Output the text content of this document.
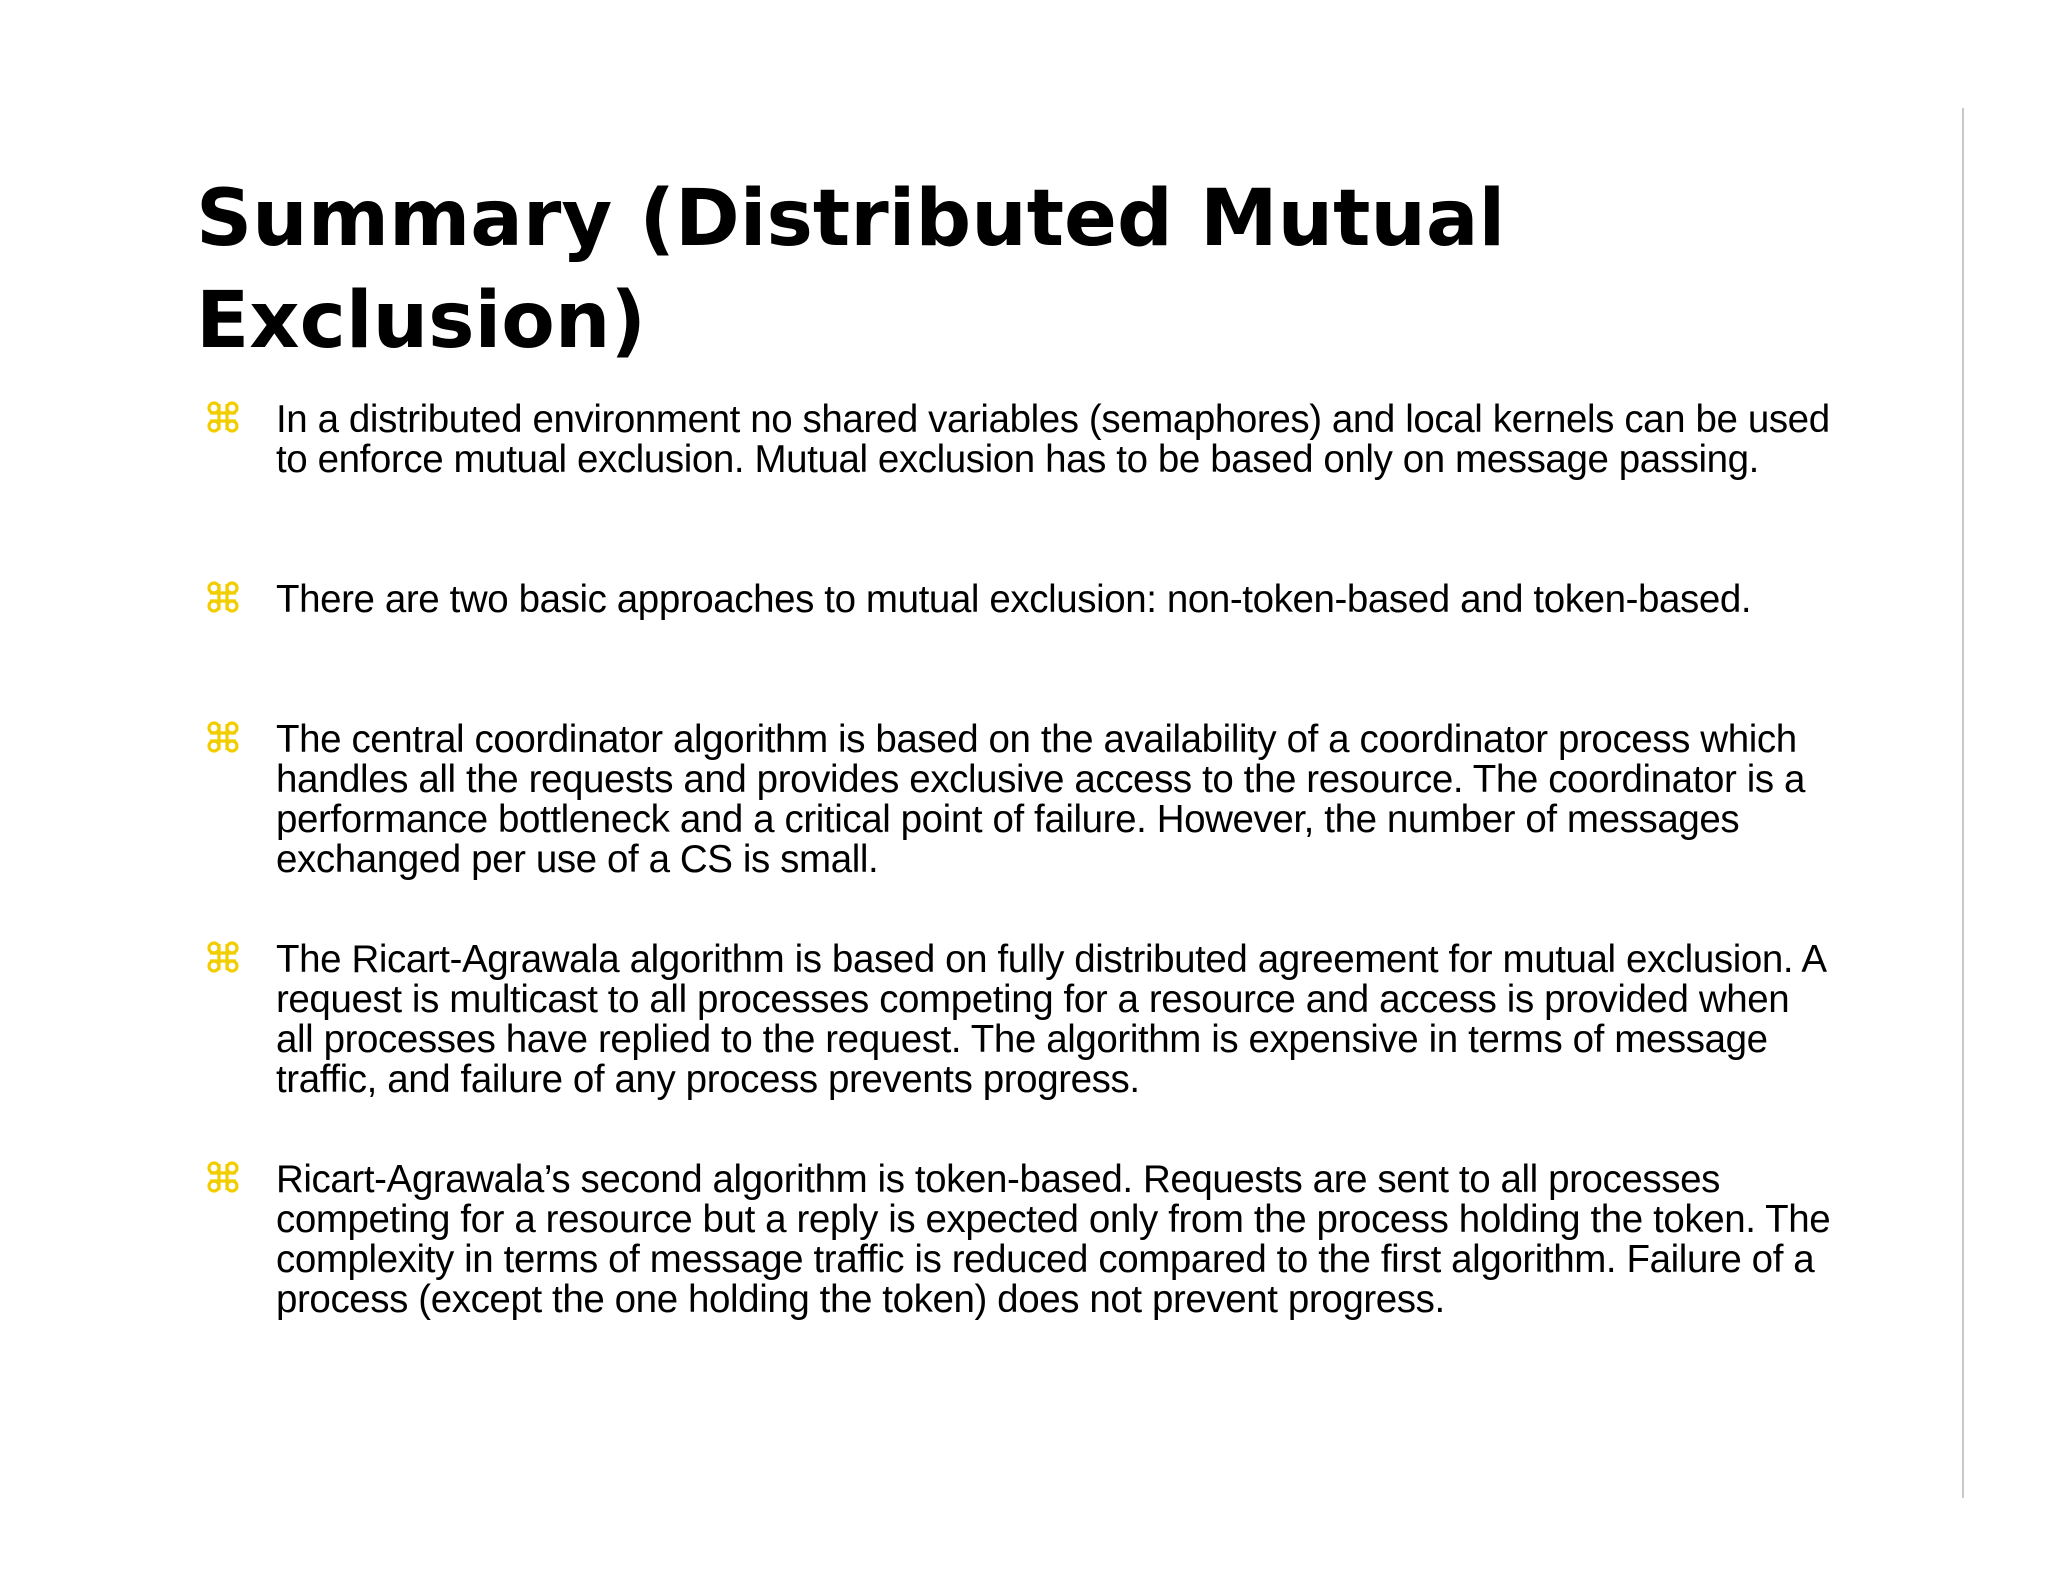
Summary (Distributed Mutual
Exclusion)
In a distributed environment no shared variables (semaphores) and local kernels can be used to enforce mutual exclusion. Mutual exclusion has to be based only on message passing.
There are two basic approaches to mutual exclusion: non-token-based and token-based.
The central coordinator algorithm is based on the availability of a coordinator process which handles all the requests and provides exclusive access to the resource. The coordinator is a performance bottleneck and a critical point of failure. However, the number of messages exchanged per use of a CS is small.
The Ricart-Agrawala algorithm is based on fully distributed agreement for mutual exclusion. A request is multicast to all processes competing for a resource and access is provided when all processes have replied to the request. The algorithm is expensive in terms of message traffic, and failure of any process prevents progress.
Ricart-Agrawala’s second algorithm is token-based. Requests are sent to all processes competing for a resource but a reply is expected only from the process holding the token. The complexity in terms of message traffic is reduced compared to the first algorithm. Failure of a process (except the one holding the token) does not prevent progress.
